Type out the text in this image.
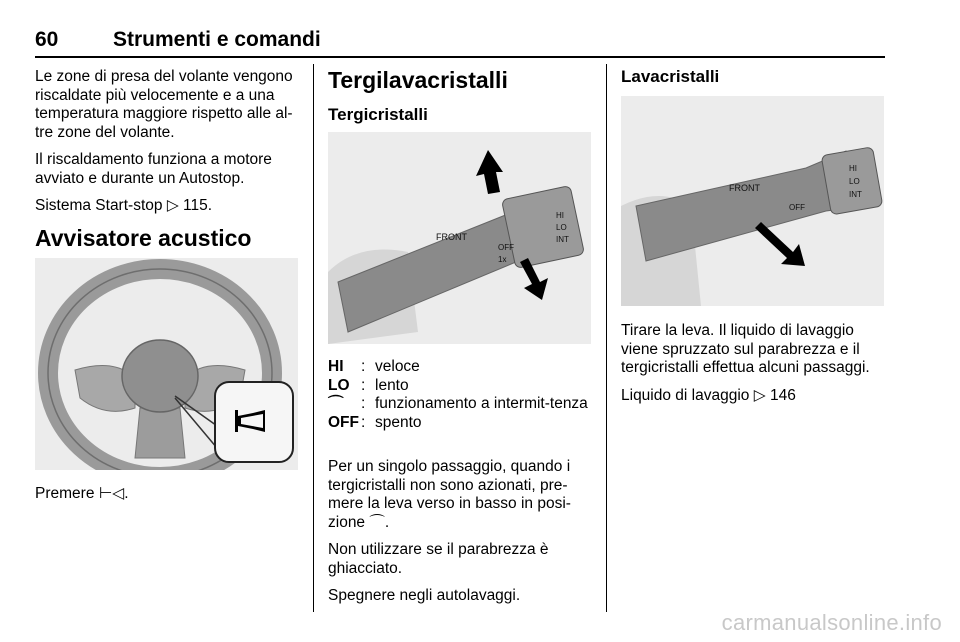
60	Strumenti e comandi

Le zone di presa del volante vengono riscaldate più velocemente e a una temperatura maggiore rispetto alle al-tre zone del volante.

Il riscaldamento funziona a motore avviato e durante un Autostop.

Sistema Start-stop ▷ 115.

Avvisatore acustico

Premere ⊢◁.

Tergilavacristalli
Tergicristalli
FRONT
HI
LO
INT
OFF
1x
HI	: veloce
LO : lento
⌒	: funzionamento a intermit-tenza
OFF : spento

Per un singolo passaggio, quando i tergicristalli non sono azionati, pre-mere la leva verso in basso in posi-zione ⌒.

Non utilizzare se il parabrezza è ghiacciato.

Spegnere negli autolavaggi.

Lavacristalli
FRONT
HI
LO
INT
OFF

Tirare la leva. Il liquido di lavaggio viene spruzzato sul parabrezza e il tergicristalli effettua alcuni passaggi.

Liquido di lavaggio ▷ 146

carmanualsonline.info
